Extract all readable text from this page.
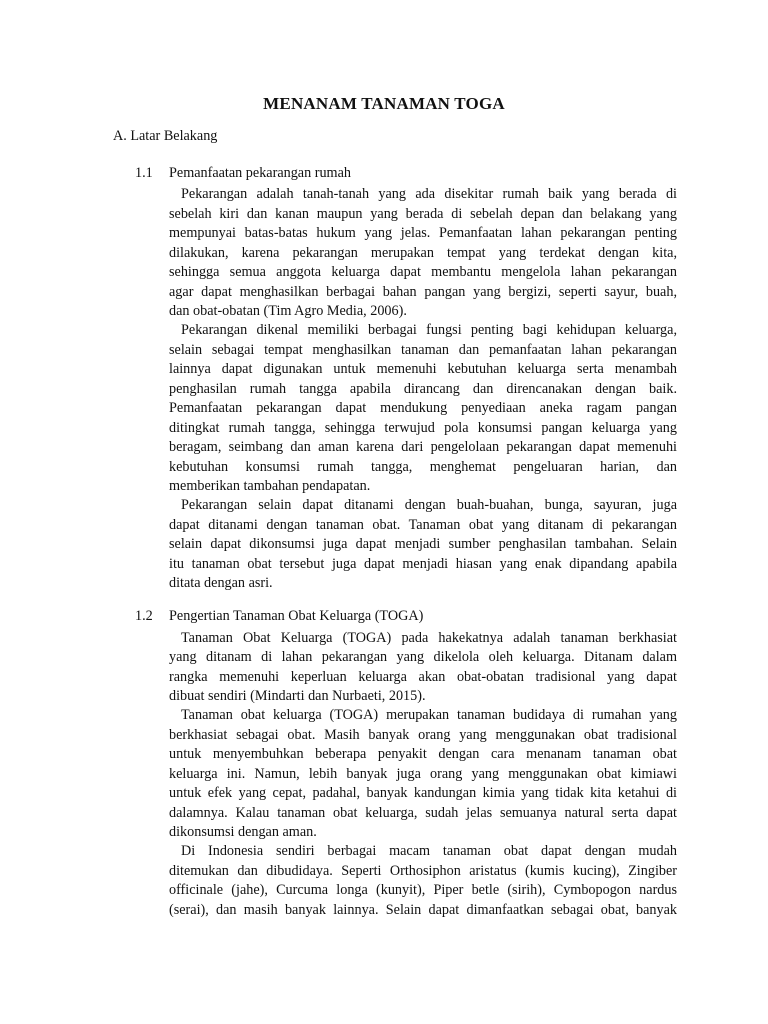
MENANAM TANAMAN TOGA
A. Latar Belakang
1.1 Pemanfaatan pekarangan rumah
Pekarangan adalah tanah-tanah yang ada disekitar rumah baik yang berada di
sebelah kiri dan kanan maupun yang berada di sebelah depan dan belakang yang
mempunyai batas-batas hukum yang jelas. Pemanfaatan lahan pekarangan penting
dilakukan, karena pekarangan merupakan tempat yang terdekat dengan kita,
sehingga semua anggota keluarga dapat membantu mengelola lahan pekarangan
agar dapat menghasilkan berbagai bahan pangan yang bergizi, seperti sayur, buah,
dan obat-obatan (Tim Agro Media, 2006).
Pekarangan dikenal memiliki berbagai fungsi penting bagi kehidupan keluarga,
selain sebagai tempat menghasilkan tanaman dan pemanfaatan lahan pekarangan
lainnya dapat digunakan untuk memenuhi kebutuhan keluarga serta menambah
penghasilan rumah tangga apabila dirancang dan direncanakan dengan baik.
Pemanfaatan pekarangan dapat mendukung penyediaan aneka ragam pangan
ditingkat rumah tangga, sehingga terwujud pola konsumsi pangan keluarga yang
beragam, seimbang dan aman karena dari pengelolaan pekarangan dapat memenuhi
kebutuhan konsumsi rumah tangga, menghemat pengeluaran harian, dan
memberikan tambahan pendapatan.
Pekarangan selain dapat ditanami dengan buah-buahan, bunga, sayuran, juga
dapat ditanami dengan tanaman obat. Tanaman obat yang ditanam di pekarangan
selain dapat dikonsumsi juga dapat menjadi sumber penghasilan tambahan. Selain
itu tanaman obat tersebut juga dapat menjadi hiasan yang enak dipandang apabila
ditata dengan asri.
1.2 Pengertian Tanaman Obat Keluarga (TOGA)
Tanaman Obat Keluarga (TOGA) pada hakekatnya adalah tanaman berkhasiat
yang ditanam di lahan pekarangan yang dikelola oleh keluarga. Ditanam dalam
rangka memenuhi keperluan keluarga akan obat-obatan tradisional yang dapat
dibuat sendiri (Mindarti dan Nurbaeti, 2015).
Tanaman obat keluarga (TOGA) merupakan tanaman budidaya di rumahan yang
berkhasiat sebagai obat. Masih banyak orang yang menggunakan obat tradisional
untuk menyembuhkan beberapa penyakit dengan cara menanam tanaman obat
keluarga ini. Namun, lebih banyak juga orang yang menggunakan obat kimiawi
untuk efek yang cepat, padahal, banyak kandungan kimia yang tidak kita ketahui di
dalamnya. Kalau tanaman obat keluarga, sudah jelas semuanya natural serta dapat
dikonsumsi dengan aman.
Di Indonesia sendiri berbagai macam tanaman obat dapat dengan mudah
ditemukan dan dibudidaya. Seperti Orthosiphon aristatus (kumis kucing), Zingiber
officinale (jahe), Curcuma longa (kunyit), Piper betle (sirih), Cymbopogon nardus
(serai), dan masih banyak lainnya. Selain dapat dimanfaatkan sebagai obat, banyak
